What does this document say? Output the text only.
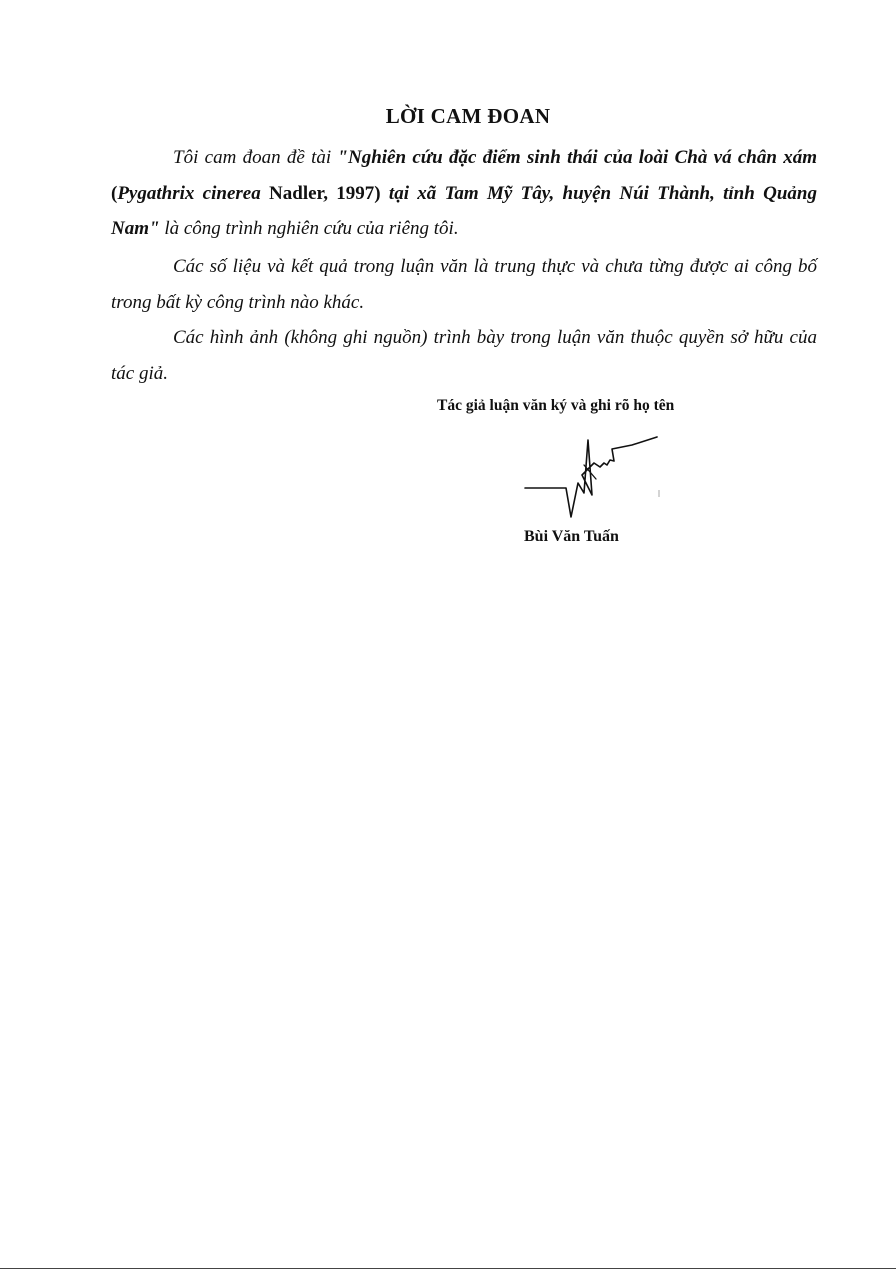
LỜI CAM ĐOAN
Tôi cam đoan đề tài "Nghiên cứu đặc điểm sinh thái của loài Chà vá chân xám (Pygathrix cinerea Nadler, 1997) tại xã Tam Mỹ Tây, huyện Núi Thành, tỉnh Quảng Nam" là công trình nghiên cứu của riêng tôi.
Các số liệu và kết quả trong luận văn là trung thực và chưa từng được ai công bố trong bất kỳ công trình nào khác.
Các hình ảnh (không ghi nguồn) trình bày trong luận văn thuộc quyền sở hữu của tác giả.
Tác giả luận văn ký và ghi rõ họ tên
Bùi Văn Tuấn
